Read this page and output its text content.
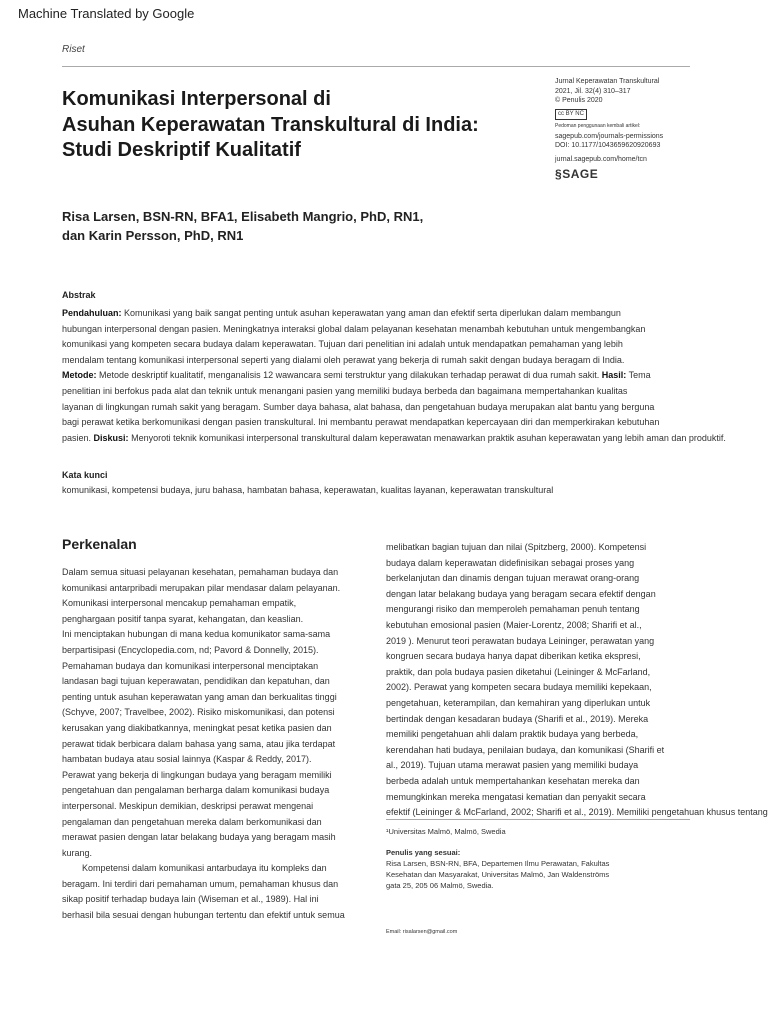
Machine Translated by Google
Riset
Komunikasi Interpersonal di
Asuhan Keperawatan Transkultural di India:
Studi Deskriptif Kualitatif
Jurnal Keperawatan Transkultural
2021, Jil. 32(4) 310–317
© Penulis 2020
cc BY NC
Pedoman penggunaan kembali artikel:
sagepub.com/journals-permissions
DOI: 10.1177/1043659620920693
jurnal.sagepub.com/home/tcn
§SAGE
Risa Larsen, BSN-RN, BFA1, Elisabeth Mangrio, PhD, RN1,
dan Karin Persson, PhD, RN1
Abstrak
Pendahuluan: Komunikasi yang baik sangat penting untuk asuhan keperawatan yang aman dan efektif serta diperlukan dalam membangun
hubungan interpersonal dengan pasien. Meningkatnya interaksi global dalam pelayanan kesehatan menambah kebutuhan untuk mengembangkan
komunikasi yang kompeten secara budaya dalam keperawatan. Tujuan dari penelitian ini adalah untuk mendapatkan pemahaman yang lebih
mendalam tentang komunikasi interpersonal seperti yang dialami oleh perawat yang bekerja di rumah sakit dengan budaya beragam di India.
Metode: Metode deskriptif kualitatif, menganalisis 12 wawancara semi terstruktur yang dilakukan terhadap perawat di dua rumah sakit. Hasil: Tema
penelitian ini berfokus pada alat dan teknik untuk menangani pasien yang memiliki budaya berbeda dan bagaimana mempertahankan kualitas
layanan di lingkungan rumah sakit yang beragam. Sumber daya bahasa, alat bahasa, dan pengetahuan budaya merupakan alat bantu yang berguna
bagi perawat ketika berkomunikasi dengan pasien transkultural. Ini membantu perawat mendapatkan kepercayaan diri dan memperkirakan kebutuhan
pasien. Diskusi: Menyoroti teknik komunikasi interpersonal transkultural dalam keperawatan menawarkan praktik asuhan keperawatan yang lebih aman dan produktif.
Kata kunci
komunikasi, kompetensi budaya, juru bahasa, hambatan bahasa, keperawatan, kualitas layanan, keperawatan transkultural
Perkenalan
Dalam semua situasi pelayanan kesehatan, pemahaman budaya dan
komunikasi antarpribadi merupakan pilar mendasar dalam pelayanan.
Komunikasi interpersonal mencakup pemahaman empatik,
penghargaan positif tanpa syarat, kehangatan, dan keaslian.
Ini menciptakan hubungan di mana kedua komunikator sama-sama
berpartisipasi (Encyclopedia.com, nd; Pavord & Donnelly, 2015).
Pemahaman budaya dan komunikasi interpersonal menciptakan
landasan bagi tujuan keperawatan, pendidikan dan kepatuhan, dan
penting untuk asuhan keperawatan yang aman dan berkualitas tinggi
(Schyve, 2007; Travelbee, 2002). Risiko miskomunikasi, dan potensi
kerusakan yang diakibatkannya, meningkat pesat ketika pasien dan
perawat tidak berbicara dalam bahasa yang sama, atau jika terdapat
hambatan budaya atau sosial lainnya (Kaspar & Reddy, 2017).
Perawat yang bekerja di lingkungan budaya yang beragam memiliki
pengetahuan dan pengalaman berharga dalam komunikasi budaya
interpersonal. Meskipun demikian, deskripsi perawat mengenai
pengalaman dan pengetahuan mereka dalam berkomunikasi dan
merawat pasien dengan latar belakang budaya yang beragam masih
kurang.
Kompetensi dalam komunikasi antarbudaya itu kompleks dan
beragam. Ini terdiri dari pemahaman umum, pemahaman khusus dan
sikap positif terhadap budaya lain (Wiseman et al., 1989). Hal ini
berhasil bila sesuai dengan hubungan tertentu dan efektif untuk semua
melibatkan bagian tujuan dan nilai (Spitzberg, 2000). Kompetensi
budaya dalam keperawatan didefinisikan sebagai proses yang
berkelanjutan dan dinamis dengan tujuan merawat orang-orang
dengan latar belakang budaya yang beragam secara efektif dengan
mengurangi risiko dan memperoleh pemahaman penuh tentang
kebutuhan emosional pasien (Maier-Lorentz, 2008; Sharifi et al.,
2019 ). Menurut teori perawatan budaya Leininger, perawatan yang
kongruen secara budaya hanya dapat diberikan ketika ekspresi,
praktik, dan pola budaya pasien diketahui (Leininger & McFarland,
2002). Perawat yang kompeten secara budaya memiliki kepekaan,
pengetahuan, keterampilan, dan kemahiran yang diperlukan untuk
bertindak dengan kesadaran budaya (Sharifi et al., 2019). Mereka
memiliki pengetahuan ahli dalam praktik budaya yang berbeda,
kerendahan hati budaya, penilaian budaya, dan komunikasi (Sharifi et
al., 2019). Tujuan utama merawat pasien yang memiliki budaya
berbeda adalah untuk mempertahankan kesehatan mereka dan
memungkinkan mereka mengatasi kematian dan penyakit secara
efektif (Leininger & McFarland, 2002; Sharifi et al., 2019). Memiliki pengetahuan khusus tentang
¹Universitas Malmö, Malmö, Swedia
Penulis yang sesuai:
Risa Larsen, BSN-RN, BFA, Departemen Ilmu Perawatan, Fakultas
Kesehatan dan Masyarakat, Universitas Malmö, Jan Waldenströms
gata 25, 205 06 Malmö, Swedia.
Email: risalarsen@gmail.com
